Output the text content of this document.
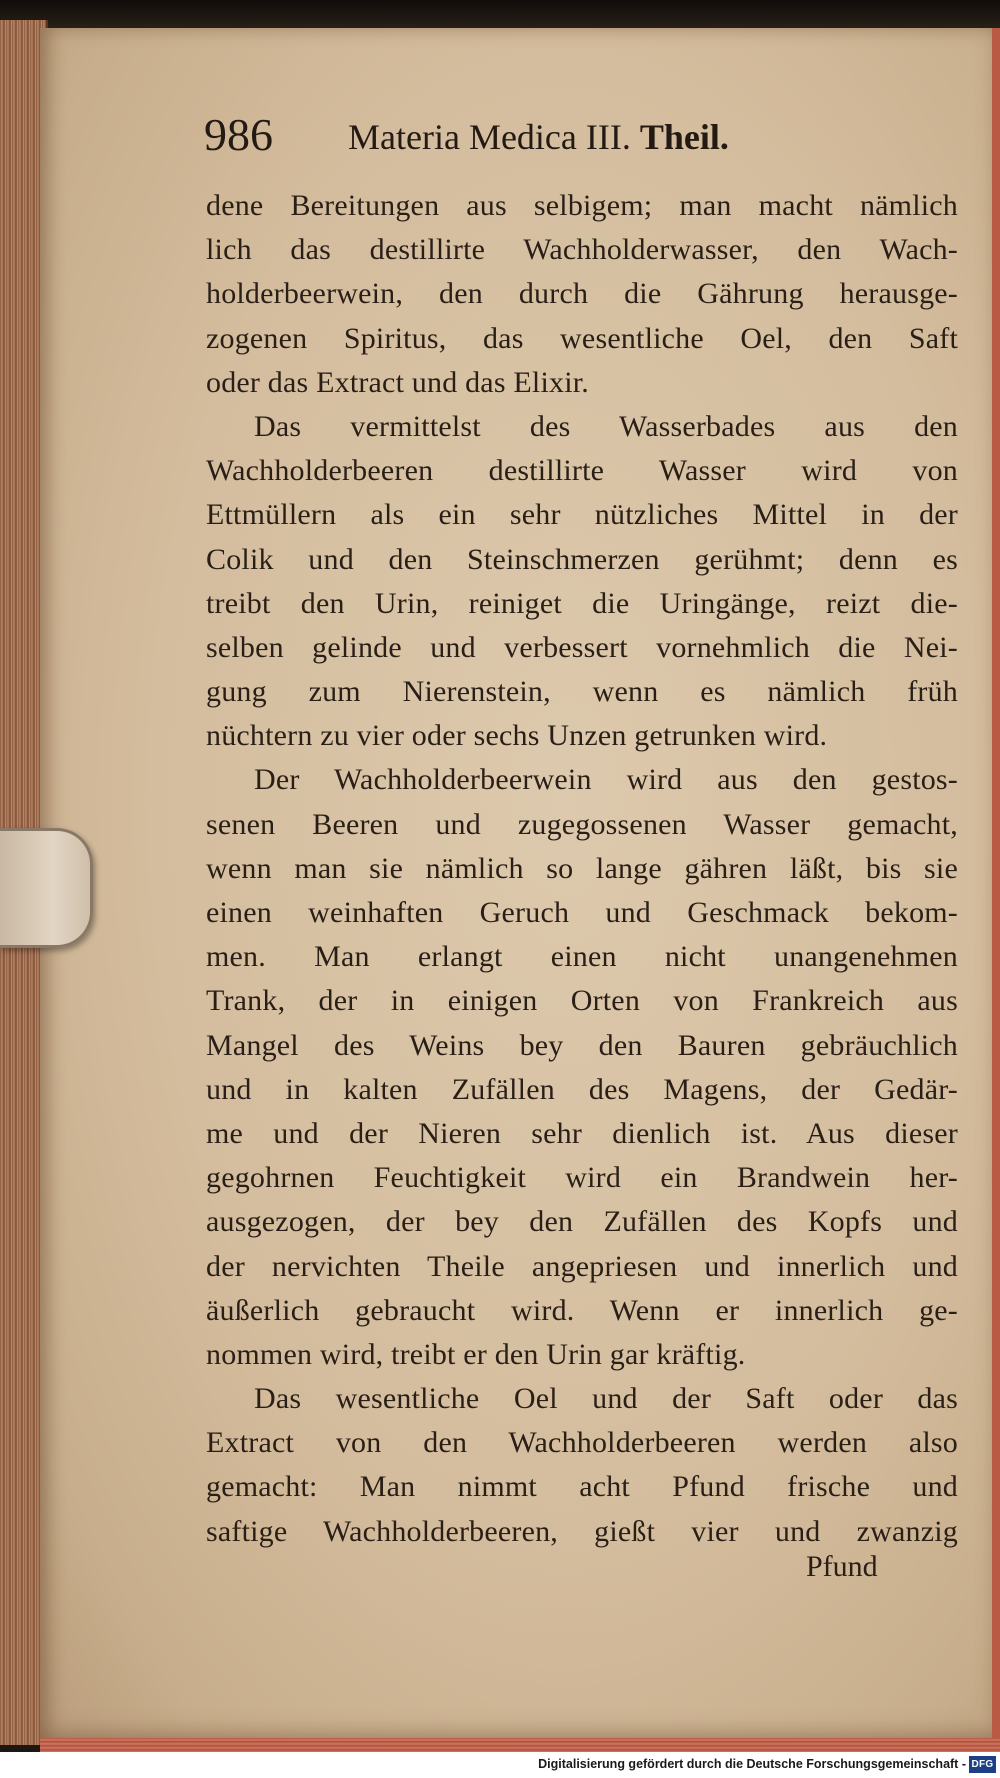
986 Materia Medica III. Theil.
dene Bereitungen aus selbigem; man macht nämlich
lich das destillirte Wachholderwasser, den Wach-
holderbeerwein, den durch die Gährung herausge-
zogenen Spiritus, das wesentliche Oel, den Saft
oder das Extract und das Elixir.
Das vermittelst des Wasserbades aus den
Wachholderbeeren destillirte Wasser wird von
Ettmüllern als ein sehr nützliches Mittel in der
Colik und den Steinschmerzen gerühmt; denn es
treibt den Urin, reiniget die Uringänge, reizt die-
selben gelinde und verbessert vornehmlich die Nei-
gung zum Nierenstein, wenn es nämlich früh
nüchtern zu vier oder sechs Unzen getrunken wird.
Der Wachholderbeerwein wird aus den gestos-
senen Beeren und zugegossenen Wasser gemacht,
wenn man sie nämlich so lange gähren läßt, bis sie
einen weinhaften Geruch und Geschmack bekom-
men. Man erlangt einen nicht unangenehmen
Trank, der in einigen Orten von Frankreich aus
Mangel des Weins bey den Bauren gebräuchlich
und in kalten Zufällen des Magens, der Gedär-
me und der Nieren sehr dienlich ist. Aus dieser
gegohrnen Feuchtigkeit wird ein Brandwein her-
ausgezogen, der bey den Zufällen des Kopfs und
der nervichten Theile angepriesen und innerlich und
äußerlich gebraucht wird. Wenn er innerlich ge-
nommen wird, treibt er den Urin gar kräftig.
Das wesentliche Oel und der Saft oder das
Extract von den Wachholderbeeren werden also
gemacht: Man nimmt acht Pfund frische und
saftige Wachholderbeeren, gießt vier und zwanzig
Pfund
Digitalisierung gefördert durch die Deutsche Forschungsgemeinschaft - DFG
